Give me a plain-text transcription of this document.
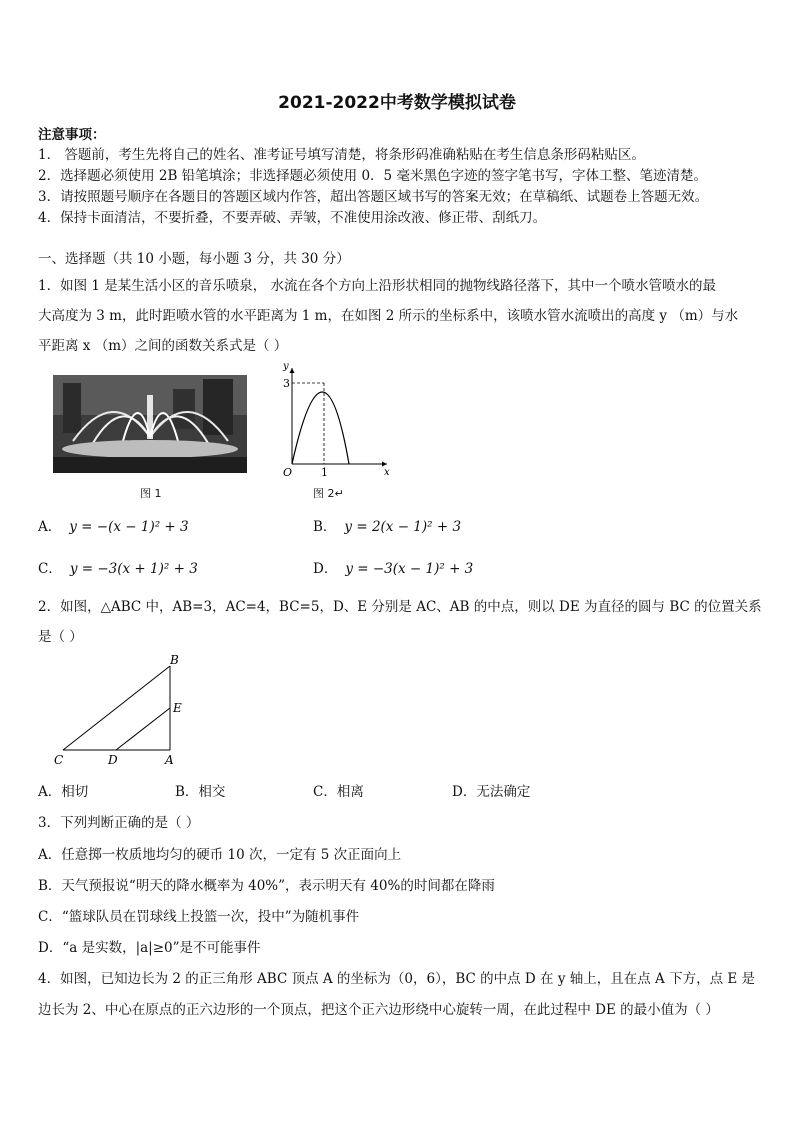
2021-2022中考数学模拟试卷
注意事项：
1． 答题前，考生先将自己的姓名、准考证号填写清楚，将条形码准确粘贴在考生信息条形码粘贴区。
2．选择题必须使用 2B 铅笔填涂；非选择题必须使用 0．5 毫米黑色字迹的签字笔书写，字体工整、笔迹清楚。
3．请按照题号顺序在各题目的答题区域内作答，超出答题区域书写的答案无效；在草稿纸、试题卷上答题无效。
4．保持卡面清洁，不要折叠，不要弄破、弄皱，不准使用涂改液、修正带、刮纸刀。
一、选择题（共 10 小题，每小题 3 分，共 30 分）
1．如图 1 是某生活小区的音乐喷泉， 水流在各个方向上沿形状相同的抛物线路径落下，其中一个喷水管喷水的最
大高度为 3 m，此时距喷水管的水平距离为 1 m，在如图 2 所示的坐标系中，该喷水管水流喷出的高度 y （m）与水
平距离 x （m）之间的函数关系式是（ ）
图 1
y
x
3
1
O
图 2↵
A． y = −(x − 1)² + 3	B． y = 2(x − 1)² + 3
C． y = −3(x + 1)² + 3	D． y = −3(x − 1)² + 3
2．如图，△ABC 中，AB=3，AC=4，BC=5，D、E 分别是 AC、AB 的中点，则以 DE 为直径的圆与 BC 的位置关系
是（ ）
B
E
C	D	A
A．相切	B．相交	C．相离	D．无法确定
3．下列判断正确的是（ ）
A．任意掷一枚质地均匀的硬币 10 次，一定有 5 次正面向上
B．天气预报说“明天的降水概率为 40%”，表示明天有 40%的时间都在降雨
C．“篮球队员在罚球线上投篮一次，投中”为随机事件
D．“a 是实数，|a|≥0”是不可能事件
4．如图，已知边长为 2 的正三角形 ABC 顶点 A 的坐标为（0，6），BC 的中点 D 在 y 轴上，且在点 A 下方，点 E 是
边长为 2、中心在原点的正六边形的一个顶点，把这个正六边形绕中心旋转一周，在此过程中 DE 的最小值为（ ）
